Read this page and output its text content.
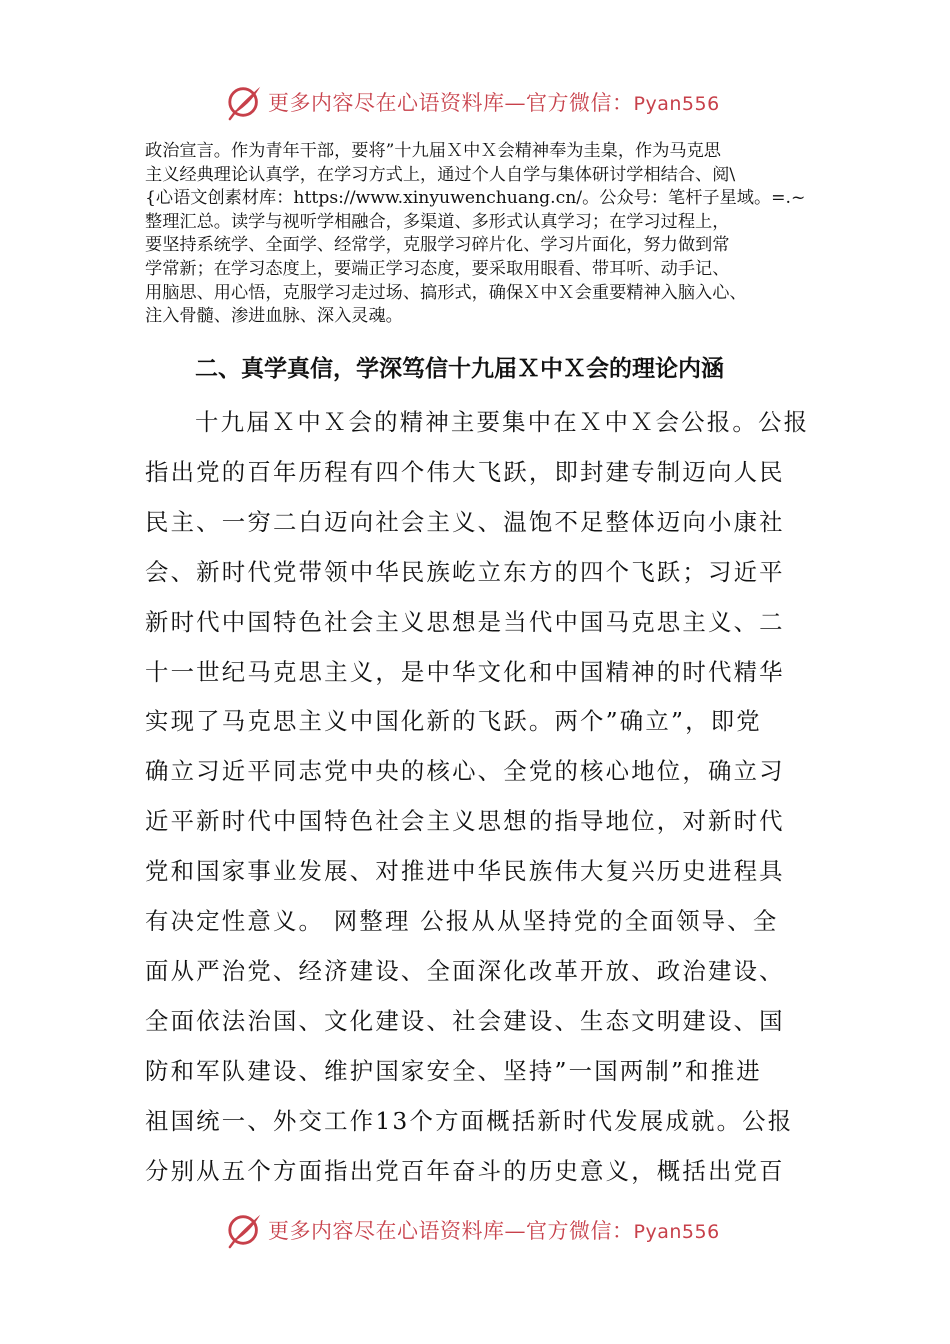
更多内容尽在心语资料库—官方微信：Pyan556
政治宣言。作为青年干部，要将”十九届Ｘ中Ｘ会精神奉为圭臬，作为马克思
主义经典理论认真学，在学习方式上，通过个人自学与集体研讨学相结合、阅\
{心语文创素材库：https://www.xinyuwenchuang.cn/。公众号：笔杆子星域。=.~
整理汇总。读学与视听学相融合，多渠道、多形式认真学习；在学习过程上，
要坚持系统学、全面学、经常学，克服学习碎片化、学习片面化，努力做到常
学常新；在学习态度上，要端正学习态度，要采取用眼看、带耳听、动手记、
用脑思、用心悟，克服学习走过场、搞形式，确保Ｘ中Ｘ会重要精神入脑入心、
注入骨髓、渗进血脉、深入灵魂。
二、真学真信，学深笃信十九届Ｘ中Ｘ会的理论内涵
十九届Ｘ中Ｘ会的精神主要集中在Ｘ中Ｘ会公报。公报
指出党的百年历程有四个伟大飞跃，即封建专制迈向人民
民主、一穷二白迈向社会主义、温饱不足整体迈向小康社
会、新时代党带领中华民族屹立东方的四个飞跃；习近平
新时代中国特色社会主义思想是当代中国马克思主义、二
十一世纪马克思主义，是中华文化和中国精神的时代精华
实现了马克思主义中国化新的飞跃。两个”确立”，即党
确立习近平同志党中央的核心、全党的核心地位，确立习
近平新时代中国特色社会主义思想的指导地位，对新时代
党和国家事业发展、对推进中华民族伟大复兴历史进程具
有决定性意义。 网整理 公报从从坚持党的全面领导、全
面从严治党、经济建设、全面深化改革开放、政治建设、
全面依法治国、文化建设、社会建设、生态文明建设、国
防和军队建设、维护国家安全、坚持”一国两制”和推进
祖国统一、外交工作13个方面概括新时代发展成就。公报
分别从五个方面指出党百年奋斗的历史意义，概括出党百
更多内容尽在心语资料库—官方微信：Pyan556
